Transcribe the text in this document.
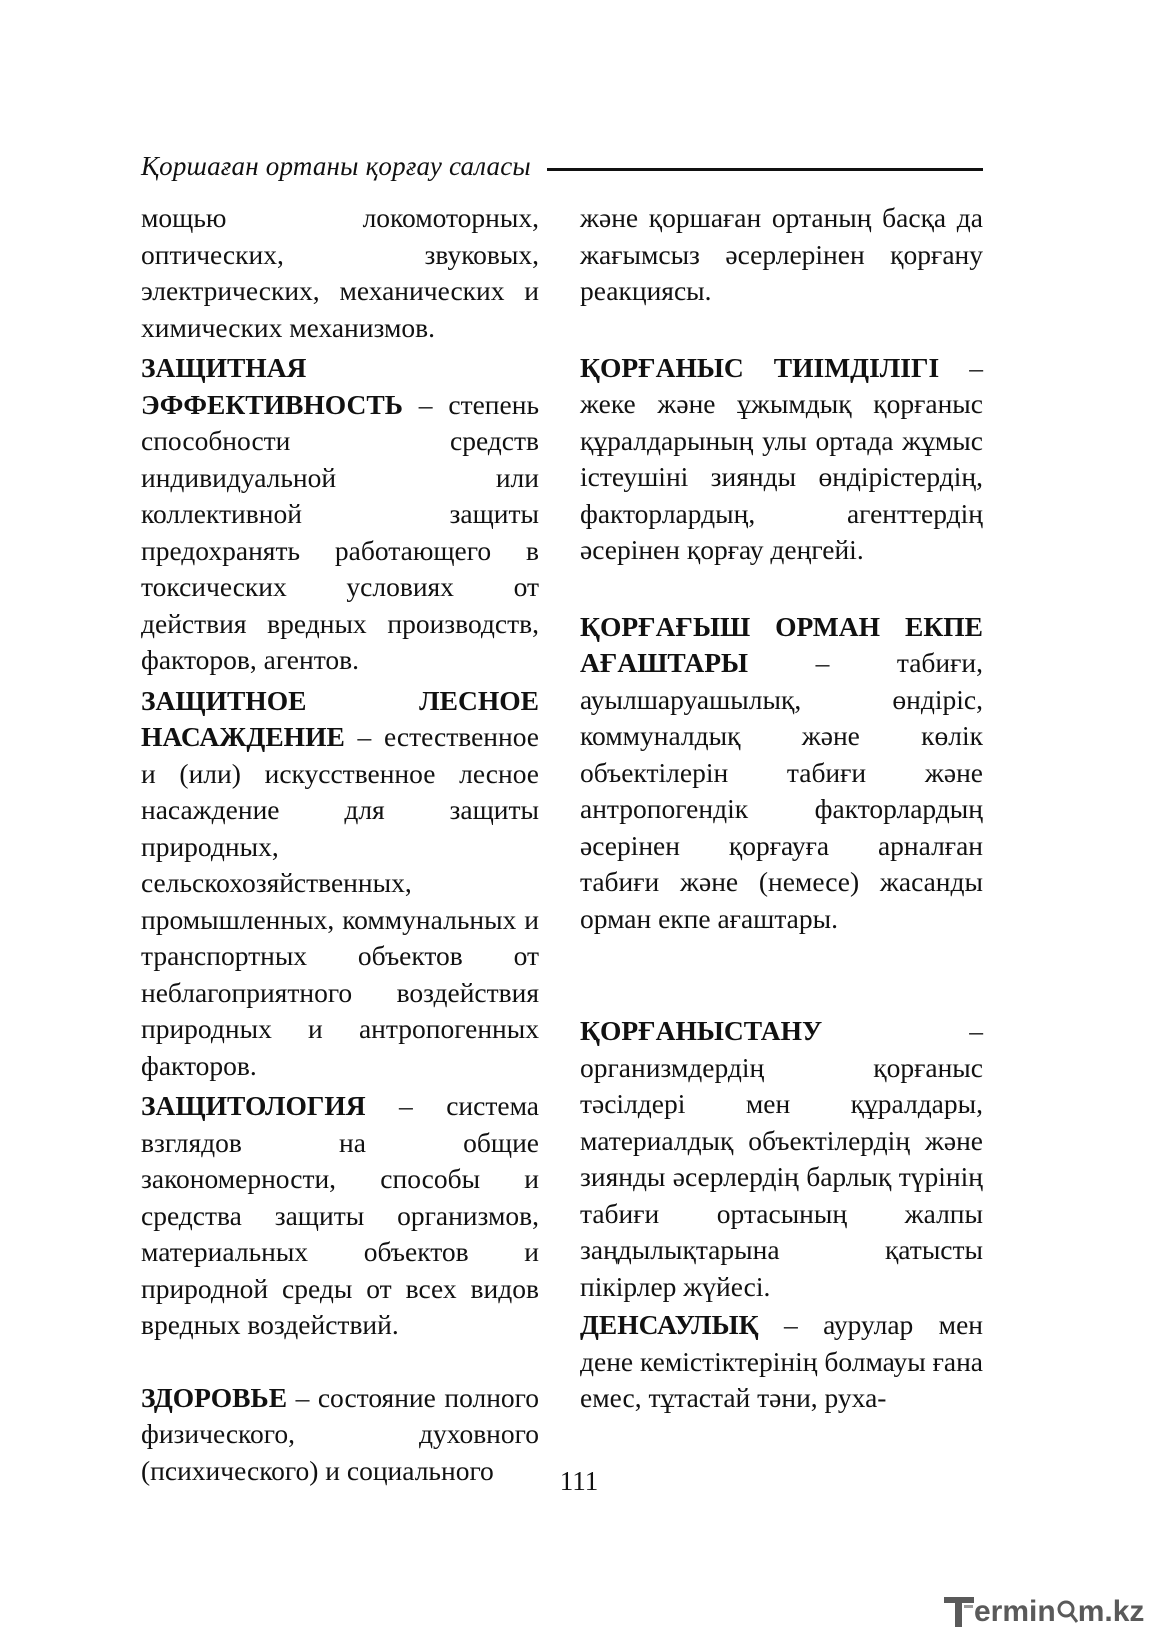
Қоршаған ортаны қорғау саласы

мощью локомоторных, оптических, звуковых, электрических, механических и химических механизмов.

ЗАЩИТНАЯ ЭФФЕКТИВНОСТЬ – степень способности средств индивидуальной или коллективной защиты предохранять работающего в токсических условиях от действия вредных производств, факторов, агентов.

ЗАЩИТНОЕ ЛЕСНОЕ НАСАЖДЕНИЕ – естественное и (или) искусственное лесное насаждение для защиты природных, сельскохозяйственных, промышленных, коммунальных и транспортных объектов от неблагоприятного воздействия природных и антропогенных факторов.

ЗАЩИТОЛОГИЯ – система взглядов на общие закономерности, способы и средства защиты организмов, материальных объектов и природной среды от всех видов вредных воздействий.

ЗДОРОВЬЕ – состояние полного физического, духовного (психического) и социального

және қоршаған ортаның басқа да жағымсыз әсерлерінен қорғану реакциясы.

ҚОРҒАНЫС ТИІМДІЛІГІ – жеке және ұжымдық қорғаныс құралдарының улы ортада жұмыс істеушіні зиянды өндірістердің, факторлардың, агенттердің әсерінен қорғау деңгейі.

ҚОРҒАҒЫШ ОРМАН ЕКПЕ АҒАШТАРЫ – табиғи, ауылшаруашылық, өндіріс, коммуналдық және көлік объектілерін табиғи және антропогендік факторлардың әсерінен қорғауға арналған табиғи және (немесе) жасанды орман екпе ағаштары.

ҚОРҒАНЫСТАНУ	– организмдердің қорғаныс тәсілдері мен құралдары, материалдық объектілердің және зиянды әсерлердің барлық түрінің табиғи ортасының жалпы заңдылықтарына қатысты пікірлер жүйесі.

ДЕНСАУЛЫҚ – аурулар мен дене кемістіктерінің болмауы ғана емес, тұтастай тәни, руха-

111
ermin m.kz
